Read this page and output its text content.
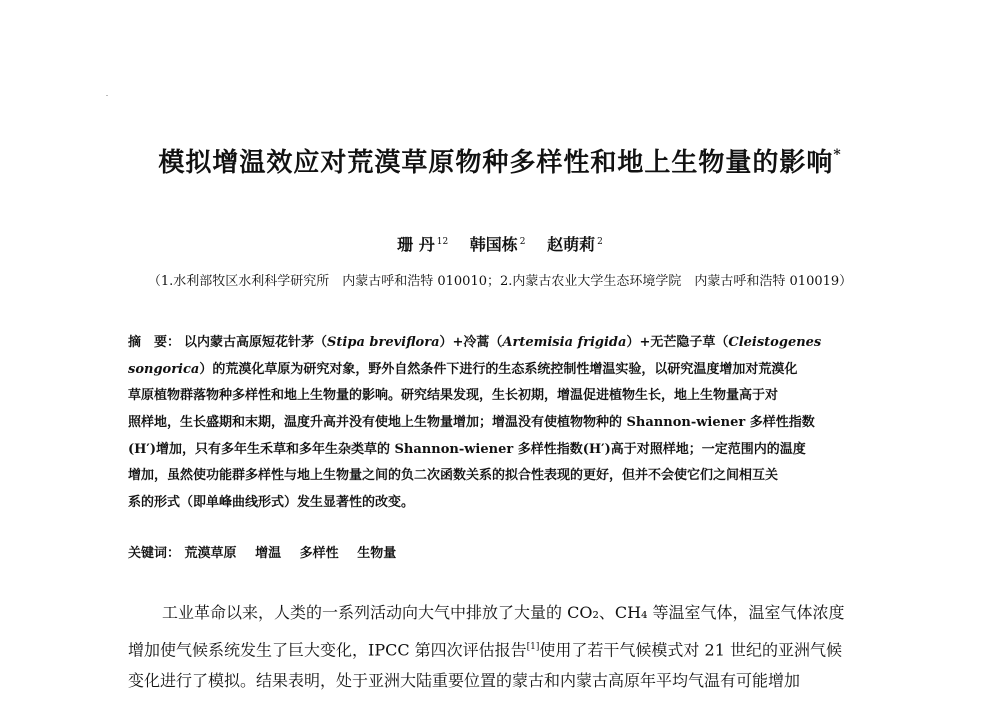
模拟增温效应对荒漠草原物种多样性和地上生物量的影响*
珊 丹 $^{12}$ 韩国栋 $^2$ 赵萌莉 $^2$
（1.水利部牧区水利科学研究所　内蒙古呼和浩特 010010；2.内蒙古农业大学生态环境学院　内蒙古呼和浩特 010019）
摘　要： 以内蒙古高原短花针茅（Stipa breviflora）+冷蒿（Artemisia frigida）+无芒隐子草（Cleistogenes
songorica）的荒漠化草原为研究对象，野外自然条件下进行的生态系统控制性增温实验，以研究温度增加对荒漠化
草原植物群落物种多样性和地上生物量的影响。研究结果发现，生长初期，增温促进植物生长，地上生物量高于对
照样地，生长盛期和末期，温度升高并没有使地上生物量增加；增温没有使植物物种的 Shannon-wiener 多样性指数
(H′)增加，只有多年生禾草和多年生杂类草的 Shannon-wiener 多样性指数(H′)高于对照样地；一定范围内的温度
增加，虽然使功能群多样性与地上生物量之间的负二次函数关系的拟合性表现的更好，但并不会使它们之间相互关
系的形式（即单峰曲线形式）发生显著性的改变。
关键词： 荒漠草原 增温 多样性 生物量
工业革命以来，人类的一系列活动向大气中排放了大量的 CO₂、CH₄ 等温室气体，温室气体浓度
增加使气候系统发生了巨大变化，IPCC 第四次评估报告[1]使用了若干气候模式对 21 世纪的亚洲气候
变化进行了模拟。结果表明，处于亚洲大陆重要位置的蒙古和内蒙古高原年平均气温有可能增加
